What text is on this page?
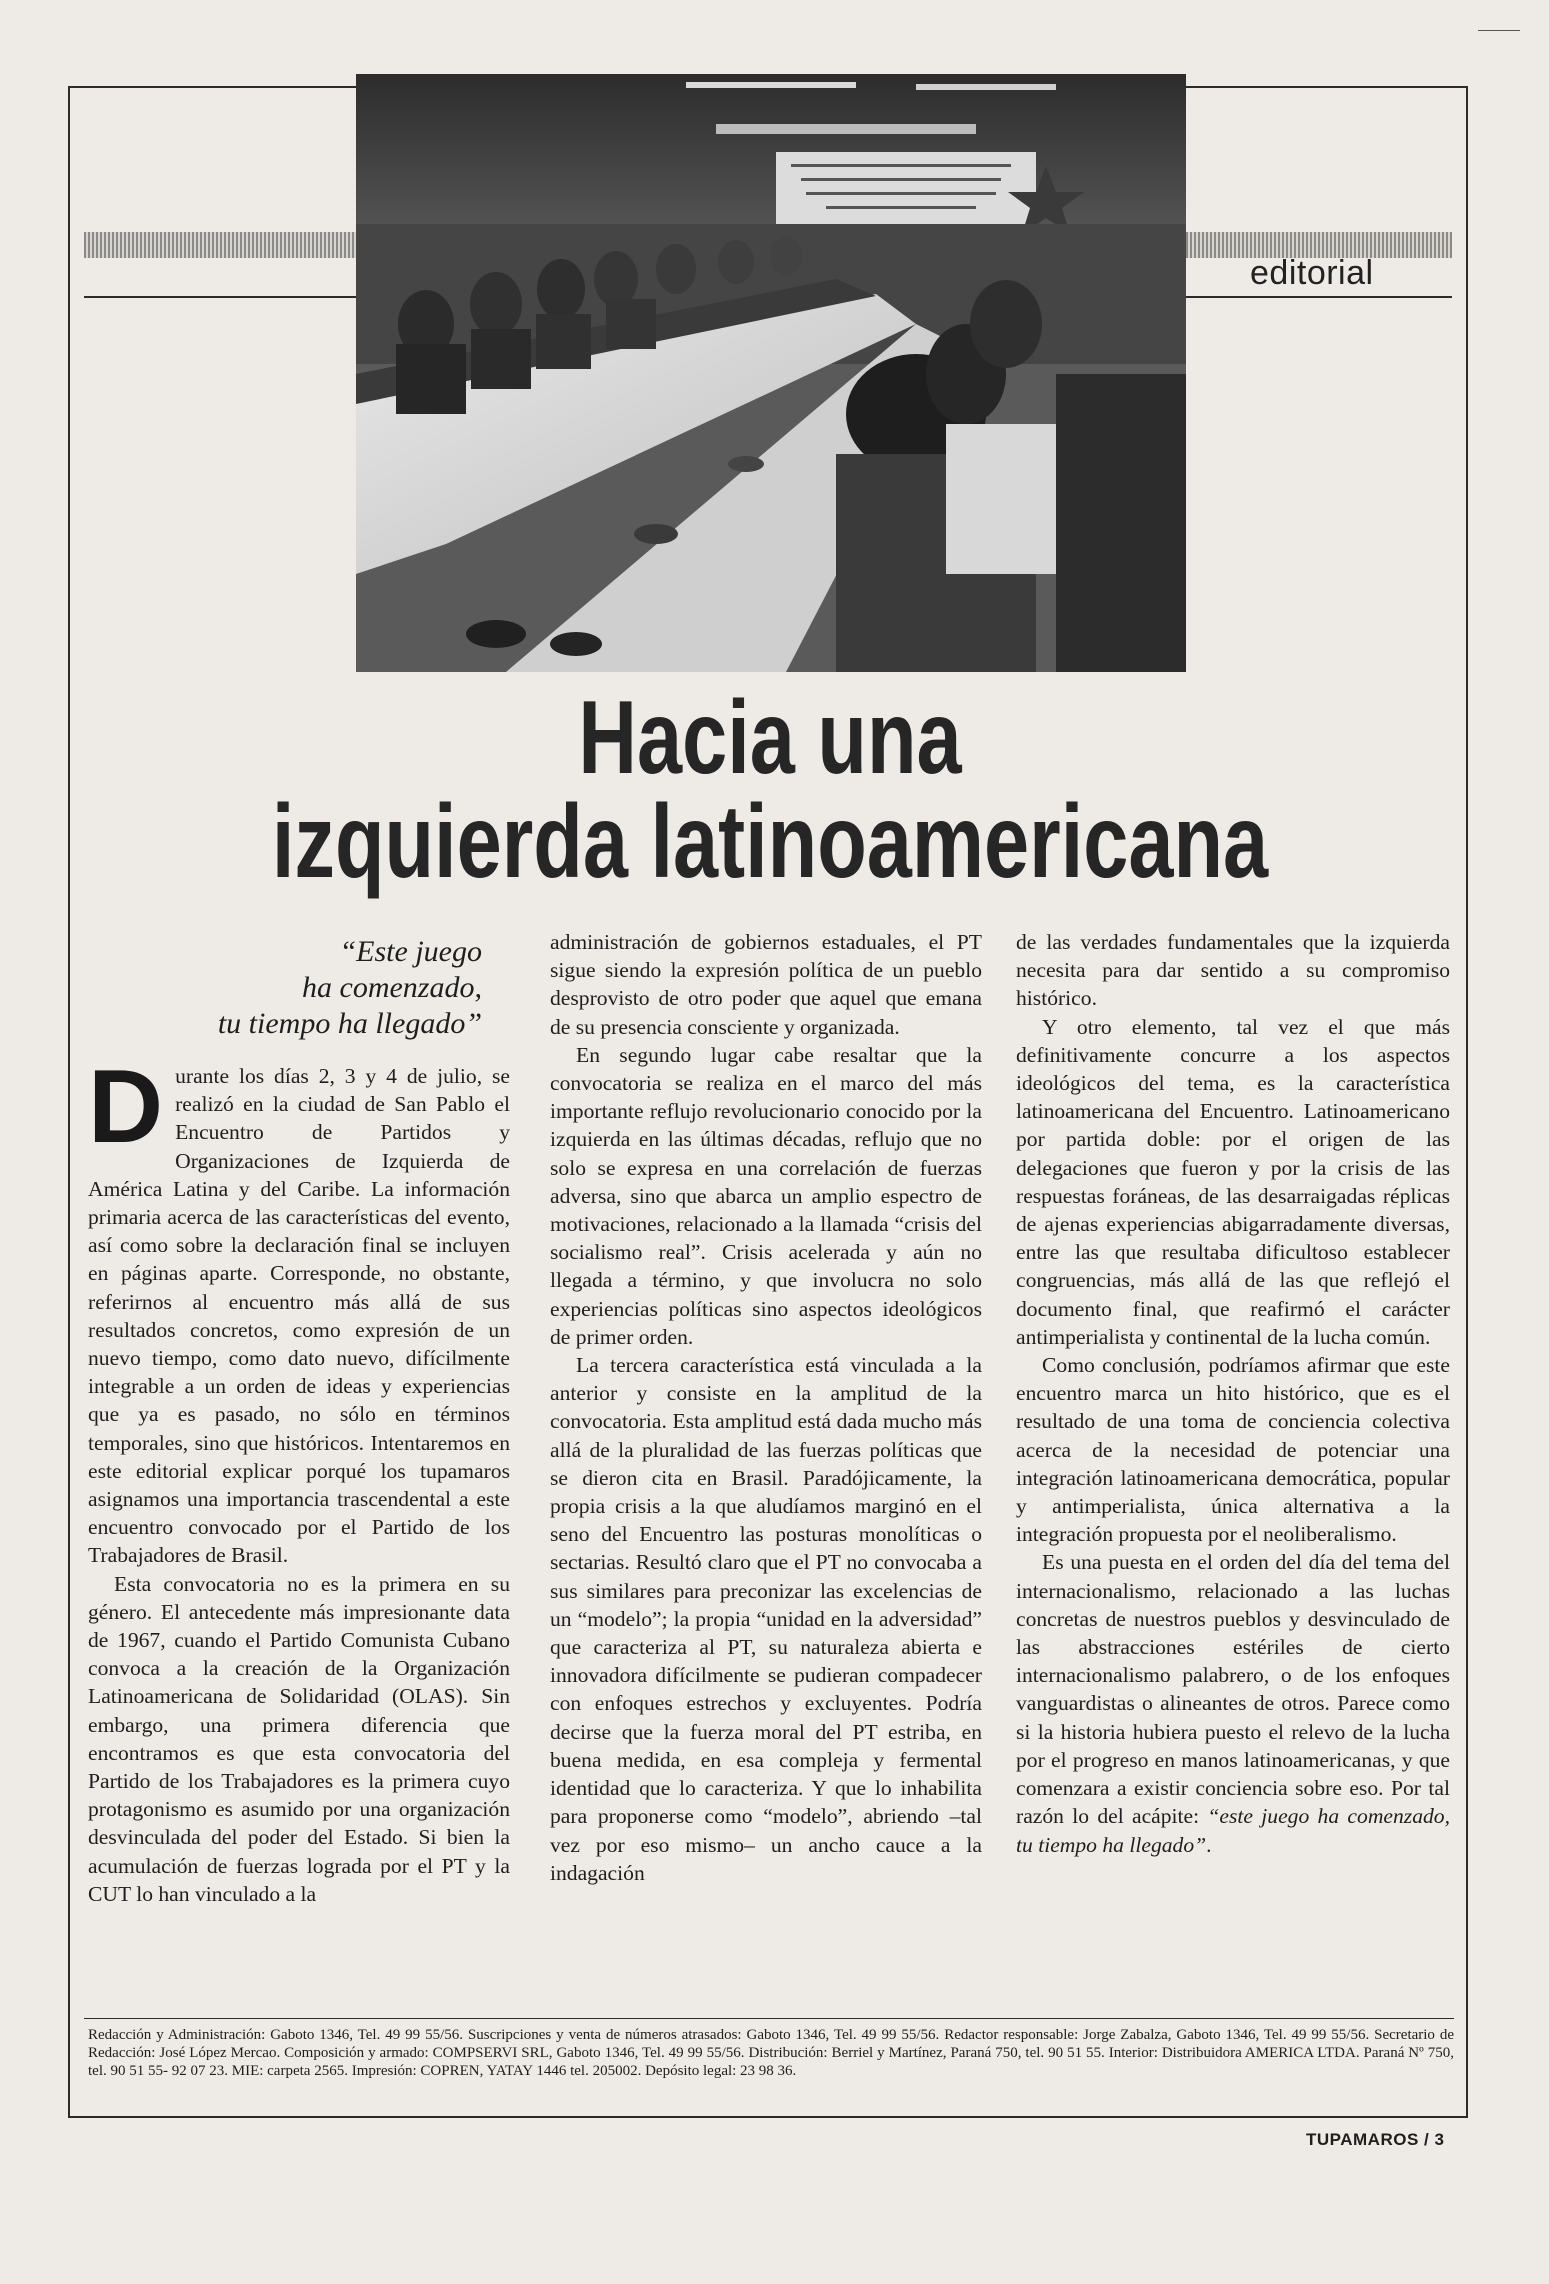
editorial
Hacia una
izquierda latinoamericana
“Este juego
ha comenzado,
tu tiempo ha llegado”

Durante los días 2, 3 y 4 de julio, se realizó en la ciudad de San Pablo el Encuentro de Partidos y Organizaciones de Izquierda de América Latina y del Caribe. La información primaria acerca de las características del evento, así como sobre la declaración final se incluyen en páginas aparte. Corresponde, no obstante, referirnos al encuentro más allá de sus resultados concretos, como expresión de un nuevo tiempo, como dato nuevo, difícilmente integrable a un orden de ideas y experiencias que ya es pasado, no sólo en términos temporales, sino que históricos. Intentaremos en este editorial explicar porqué los tupamaros asignamos una importancia trascendental a este encuentro convocado por el Partido de los Trabajadores de Brasil.

Esta convocatoria no es la primera en su género. El antecedente más impresionante data de 1967, cuando el Partido Comunista Cubano convoca a la creación de la Organización Latinoamericana de Solidaridad (OLAS). Sin embargo, una primera diferencia que encontramos es que esta convocatoria del Partido de los Trabajadores es la primera cuyo protagonismo es asumido por una organización desvinculada del poder del Estado. Si bien la acumulación de fuerzas lograda por el PT y la CUT lo han vinculado a la

administración de gobiernos estaduales, el PT sigue siendo la expresión política de un pueblo desprovisto de otro poder que aquel que emana de su presencia consciente y organizada.

En segundo lugar cabe resaltar que la convocatoria se realiza en el marco del más importante reflujo revolucionario conocido por la izquierda en las últimas décadas, reflujo que no solo se expresa en una correlación de fuerzas adversa, sino que abarca un amplio espectro de motivaciones, relacionado a la llamada “crisis del socialismo real”. Crisis acelerada y aún no llegada a término, y que involucra no solo experiencias políticas sino aspectos ideológicos de primer orden.

La tercera característica está vinculada a la anterior y consiste en la amplitud de la convocatoria. Esta amplitud está dada mucho más allá de la pluralidad de las fuerzas políticas que se dieron cita en Brasil. Paradójicamente, la propia crisis a la que aludíamos marginó en el seno del Encuentro las posturas monolíticas o sectarias. Resultó claro que el PT no convocaba a sus similares para preconizar las excelencias de un “modelo”; la propia “unidad en la adversidad” que caracteriza al PT, su naturaleza abierta e innovadora difícilmente se pudieran compadecer con enfoques estrechos y excluyentes. Podría decirse que la fuerza moral del PT estriba, en buena medida, en esa compleja y fermental identidad que lo caracteriza. Y que lo inhabilita para proponerse como “modelo”, abriendo –tal vez por eso mismo– un ancho cauce a la indagación

de las verdades fundamentales que la izquierda necesita para dar sentido a su compromiso histórico.

Y otro elemento, tal vez el que más definitivamente concurre a los aspectos ideológicos del tema, es la característica latinoamericana del Encuentro. Latinoamericano por partida doble: por el origen de las delegaciones que fueron y por la crisis de las respuestas foráneas, de las desarraigadas réplicas de ajenas experiencias abigarradamente diversas, entre las que resultaba dificultoso establecer congruencias, más allá de las que reflejó el documento final, que reafirmó el carácter antimperialista y continental de la lucha común.

Como conclusión, podríamos afirmar que este encuentro marca un hito histórico, que es el resultado de una toma de conciencia colectiva acerca de la necesidad de potenciar una integración latinoamericana democrática, popular y antimperialista, única alternativa a la integración propuesta por el neoliberalismo.

Es una puesta en el orden del día del tema del internacionalismo, relacionado a las luchas concretas de nuestros pueblos y desvinculado de las abstracciones estériles de cierto internacionalismo palabrero, o de los enfoques vanguardistas o alineantes de otros. Parece como si la historia hubiera puesto el relevo de la lucha por el progreso en manos latinoamericanas, y que comenzara a existir conciencia sobre eso. Por tal razón lo del acápite: “este juego ha comenzado, tu tiempo ha llegado”.

Redacción y Administración: Gaboto 1346, Tel. 49 99 55/56. Suscripciones y venta de números atrasados: Gaboto 1346, Tel. 49 99 55/56. Redactor responsable: Jorge Zabalza, Gaboto 1346, Tel. 49 99 55/56. Secretario de Redacción: José López Mercao. Composición y armado: COMPSERVI SRL, Gaboto 1346, Tel. 49 99 55/56. Distribución: Berriel y Martínez, Paraná 750, tel. 90 51 55. Interior: Distribuidora AMERICA LTDA. Paraná Nº 750, tel. 90 51 55- 92 07 23. MIE: carpeta 2565. Impresión: COPREN, YATAY 1446 tel. 205002. Depósito legal: 23 98 36.
TUPAMAROS / 3
